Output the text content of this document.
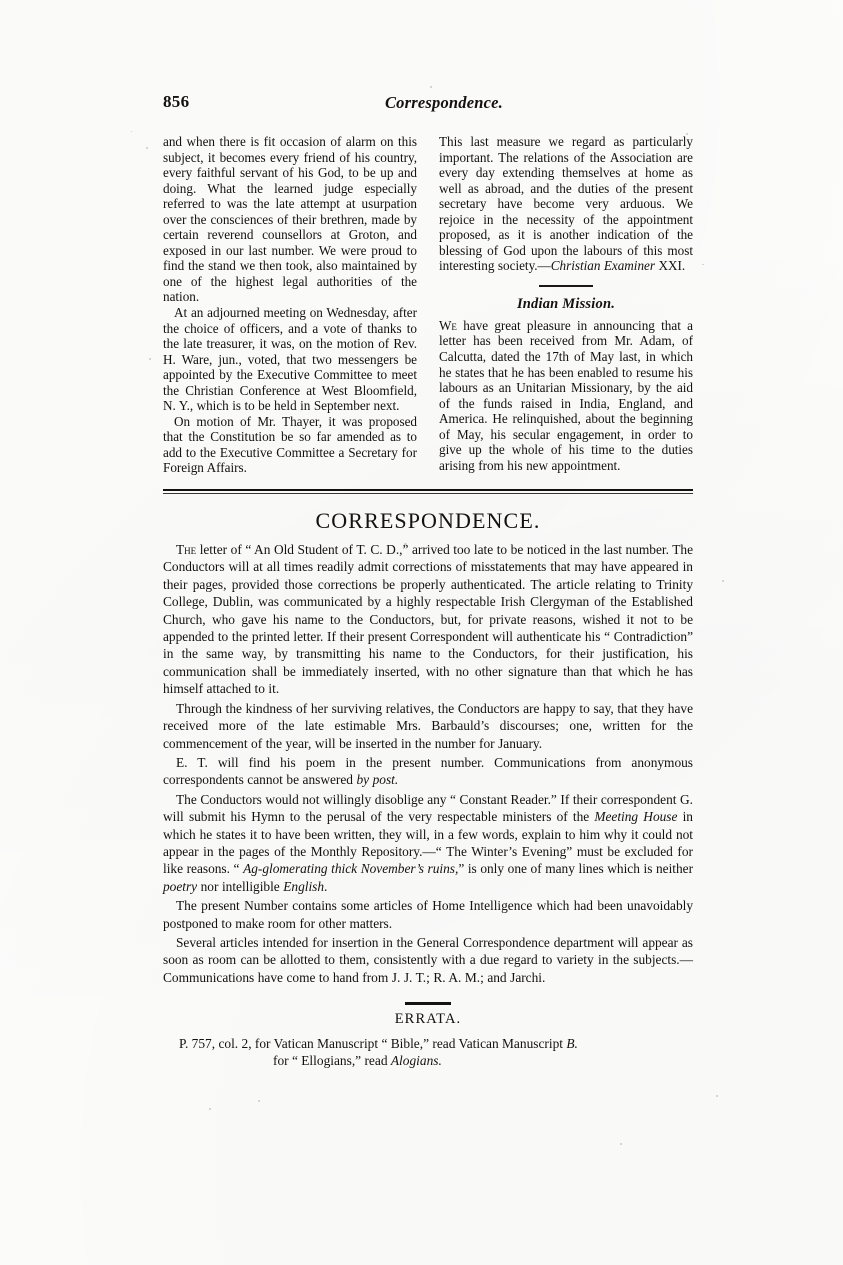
856	Correspondence.

and when there is fit occasion of alarm on this subject, it becomes every friend of his country, every faithful servant of his God, to be up and doing. What the learned judge especially referred to was the late attempt at usurpation over the consciences of their brethren, made by certain reverend counsellors at Groton, and exposed in our last number. We were proud to find the stand we then took, also maintained by one of the highest legal authorities of the nation.

At an adjourned meeting on Wednesday, after the choice of officers, and a vote of thanks to the late treasurer, it was, on the motion of Rev. H. Ware, jun., voted, that two messengers be appointed by the Executive Committee to meet the Christian Conference at West Bloomfield, N. Y., which is to be held in September next.

On motion of Mr. Thayer, it was proposed that the Constitution be so far amended as to add to the Executive Committee a Secretary for Foreign Affairs.

This last measure we regard as particularly important. The relations of the Association are every day extending themselves at home as well as abroad, and the duties of the present secretary have become very arduous. We rejoice in the necessity of the appointment proposed, as it is another indication of the blessing of God upon the labours of this most interesting society.—Christian Examiner XXI.

Indian Mission.

We have great pleasure in announcing that a letter has been received from Mr. Adam, of Calcutta, dated the 17th of May last, in which he states that he has been enabled to resume his labours as an Unitarian Missionary, by the aid of the funds raised in India, England, and America. He relinquished, about the beginning of May, his secular engagement, in order to give up the whole of his time to the duties arising from his new appointment.

CORRESPONDENCE.

The letter of “ An Old Student of T. C. D.,” arrived too late to be noticed in the last number. The Conductors will at all times readily admit corrections of misstatements that may have appeared in their pages, provided those corrections be properly authenticated. The article relating to Trinity College, Dublin, was communicated by a highly respectable Irish Clergyman of the Established Church, who gave his name to the Conductors, but, for private reasons, wished it not to be appended to the printed letter. If their present Correspondent will authenticate his “ Contradiction” in the same way, by transmitting his name to the Conductors, for their justification, his communication shall be immediately inserted, with no other signature than that which he has himself attached to it.

Through the kindness of her surviving relatives, the Conductors are happy to say, that they have received more of the late estimable Mrs. Barbauld’s discourses; one, written for the commencement of the year, will be inserted in the number for January.

E. T. will find his poem in the present number. Communications from anonymous correspondents cannot be answered by post.

The Conductors would not willingly disoblige any “ Constant Reader.” If their correspondent G. will submit his Hymn to the perusal of the very respectable ministers of the Meeting House in which he states it to have been written, they will, in a few words, explain to him why it could not appear in the pages of the Monthly Repository.—“ The Winter’s Evening” must be excluded for like reasons. “ Ag-glomerating thick November’s ruins,” is only one of many lines which is neither poetry nor intelligible English.

The present Number contains some articles of Home Intelligence which had been unavoidably postponed to make room for other matters.

Several articles intended for insertion in the General Correspondence department will appear as soon as room can be allotted to them, consistently with a due regard to variety in the subjects.—Communications have come to hand from J. J. T.; R. A. M.; and Jarchi.

ERRATA.
P. 757, col. 2, for Vatican Manuscript “ Bible,” read Vatican Manuscript B.
for “ Ellogians,” read Alogians.
